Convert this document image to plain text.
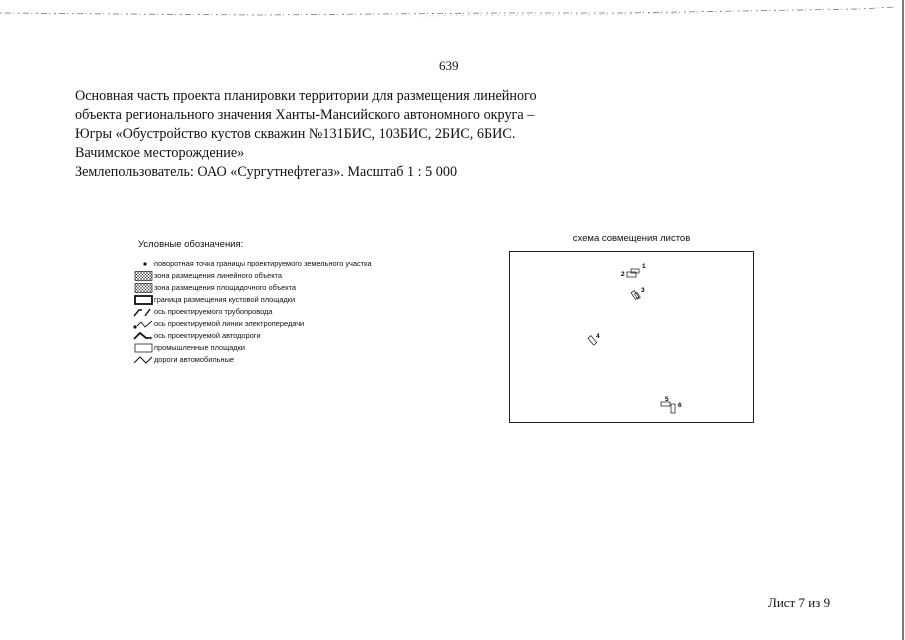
639
Основная часть проекта планировки территории для размещения линейного
объекта регионального значения Ханты-Мансийского автономного округа –
Югры «Обустройство кустов скважин №131БИС, 103БИС, 2БИС, 6БИС.
Вачимское месторождение»
Землепользователь: ОАО «Сургутнефтегаз». Масштаб 1 : 5 000
Условные обозначения:
поворотная точка границы проектируемого земельного участка
зона размещения линейного объекта
зона размещения площадочного объекта
граница размещения кустовой площадки
ось проектируемого трубопровода
ось проектируемой линии электропередачи
ось проектируемой автодороги
промышленные площадки
дороги автомобильные
схема совмещения листов
1
2
3
4
5
6
Лист 7 из 9
